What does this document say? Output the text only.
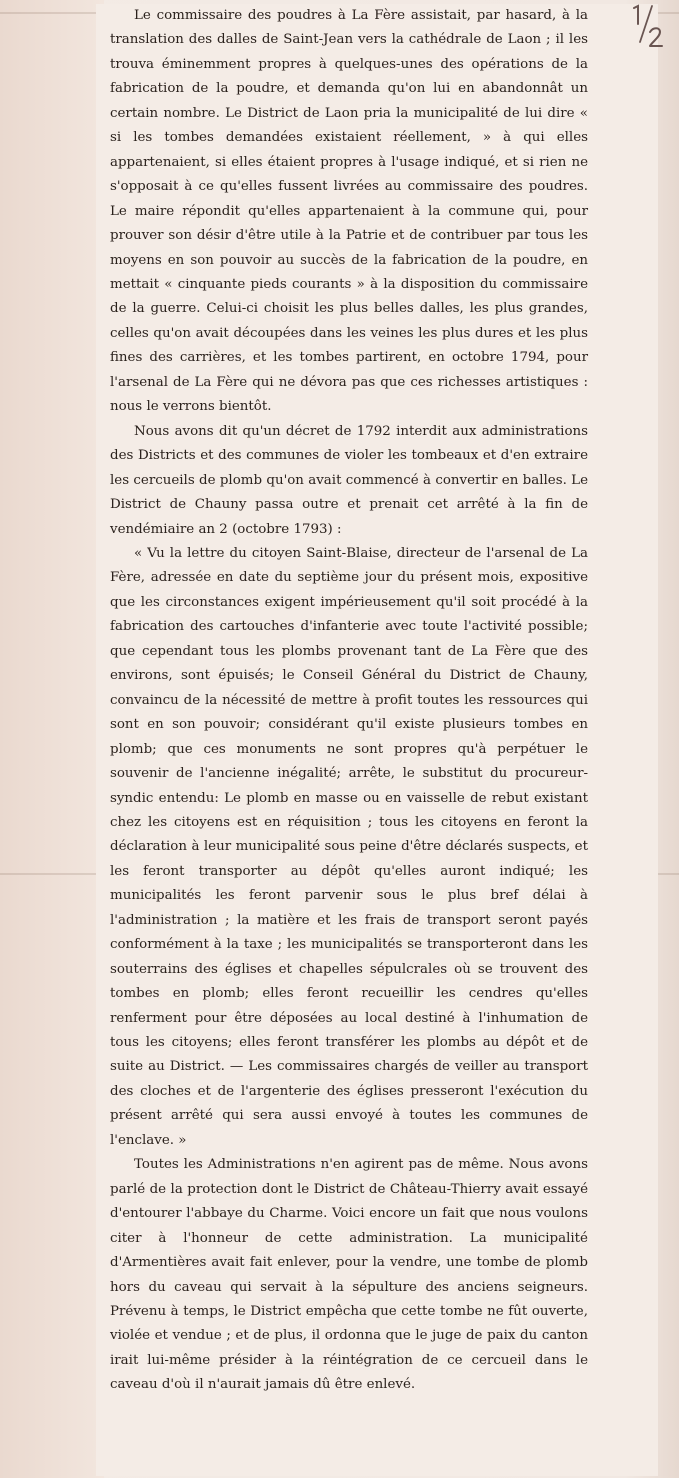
Le commissaire des poudres à La Fère assistait, par hasard, à la translation des dalles de Saint-Jean vers la cathédrale de Laon ; il les trouva éminemment propres à quelques-unes des opérations de la fabrication de la poudre, et demanda qu'on lui en abandonnât un certain nombre. Le District de Laon pria la municipalité de lui dire « si les tombes demandées existaient réellement, » à qui elles appartenaient, si elles étaient propres à l'usage indiqué, et si rien ne s'opposait à ce qu'elles fussent livrées au commissaire des poudres. Le maire répondit qu'elles appartenaient à la commune qui, pour prouver son désir d'être utile à la Patrie et de contribuer par tous les moyens en son pouvoir au succès de la fabrication de la poudre, en mettait « cinquante pieds courants » à la disposition du commissaire de la guerre. Celui-ci choisit les plus belles dalles, les plus grandes, celles qu'on avait découpées dans les veines les plus dures et les plus fines des carrières, et les tombes partirent, en octobre 1794, pour l'arsenal de La Fère qui ne dévora pas que ces richesses artistiques : nous le verrons bientôt.

Nous avons dit qu'un décret de 1792 interdit aux administrations des Districts et des communes de violer les tombeaux et d'en extraire les cercueils de plomb qu'on avait commencé à convertir en balles. Le District de Chauny passa outre et prenait cet arrêté à la fin de vendémiaire an 2 (octobre 1793) :

« Vu la lettre du citoyen Saint-Blaise, directeur de l'arsenal de La Fère, adressée en date du septième jour du présent mois, expositive que les circonstances exigent impérieusement qu'il soit procédé à la fabrication des cartouches d'infanterie avec toute l'activité possible; que cependant tous les plombs provenant tant de La Fère que des environs, sont épuisés; le Conseil Général du District de Chauny, convaincu de la nécessité de mettre à profit toutes les ressources qui sont en son pouvoir; considérant qu'il existe plusieurs tombes en plomb; que ces monuments ne sont propres qu'à perpétuer le souvenir de l'ancienne inégalité; arrête, le substitut du procureur-syndic entendu: Le plomb en masse ou en vaisselle de rebut existant chez les citoyens est en réquisition ; tous les citoyens en feront la déclaration à leur municipalité sous peine d'être déclarés suspects, et les feront transporter au dépôt qu'elles auront indiqué; les municipalités les feront parvenir sous le plus bref délai à l'administration ; la matière et les frais de transport seront payés conformément à la taxe ; les municipalités se transporteront dans les souterrains des églises et chapelles sépulcrales où se trouvent des tombes en plomb; elles feront recueillir les cendres qu'elles renferment pour être déposées au local destiné à l'inhumation de tous les citoyens; elles feront transférer les plombs au dépôt et de suite au District. — Les commissaires chargés de veiller au transport des cloches et de l'argenterie des églises presseront l'exécution du présent arrêté qui sera aussi envoyé à toutes les communes de l'enclave. »

Toutes les Administrations n'en agirent pas de même. Nous avons parlé de la protection dont le District de Château-Thierry avait essayé d'entourer l'abbaye du Charme. Voici encore un fait que nous voulons citer à l'honneur de cette administration. La municipalité d'Armentières avait fait enlever, pour la vendre, une tombe de plomb hors du caveau qui servait à la sépulture des anciens seigneurs. Prévenu à temps, le District empêcha que cette tombe ne fût ouverte, violée et vendue ; et de plus, il ordonna que le juge de paix du canton irait lui-même présider à la réintégration de ce cercueil dans le caveau d'où il n'aurait jamais dû être enlevé.
